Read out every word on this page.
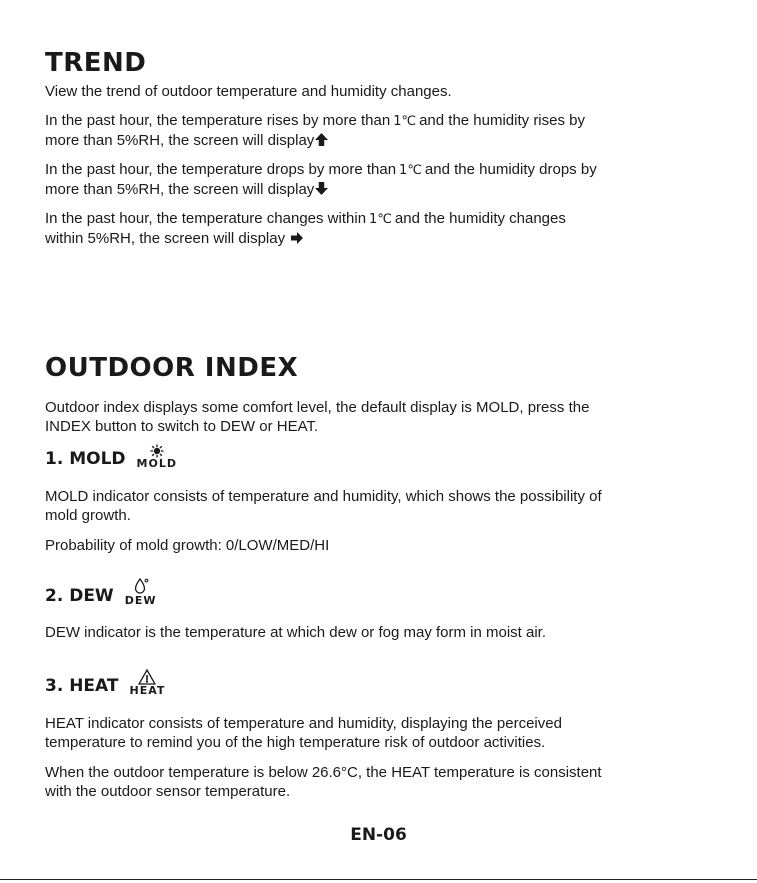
TREND

View the trend of outdoor temperature and humidity changes.

In the past hour, the temperature rises by more than 1℃ and the humidity rises by
more than 5%RH, the screen will display

In the past hour, the temperature drops by more than 1℃ and the humidity drops by
more than 5%RH, the screen will display

In the past hour, the temperature changes within 1℃ and the humidity changes
within 5%RH, the screen will display

OUTDOOR INDEX

Outdoor index displays some comfort level, the default display is MOLD, press the
INDEX button to switch to DEW or HEAT.

1. MOLD MOLD

MOLD indicator consists of temperature and humidity, which shows the possibility of
mold growth.

Probability of mold growth: 0/LOW/MED/HI

2. DEW DEW

DEW indicator is the temperature at which dew or fog may form in moist air.

3. HEAT HEAT

HEAT indicator consists of temperature and humidity, displaying the perceived
temperature to remind you of the high temperature risk of outdoor activities.

When the outdoor temperature is below 26.6°C, the HEAT temperature is consistent
with the outdoor sensor temperature.

EN-06
